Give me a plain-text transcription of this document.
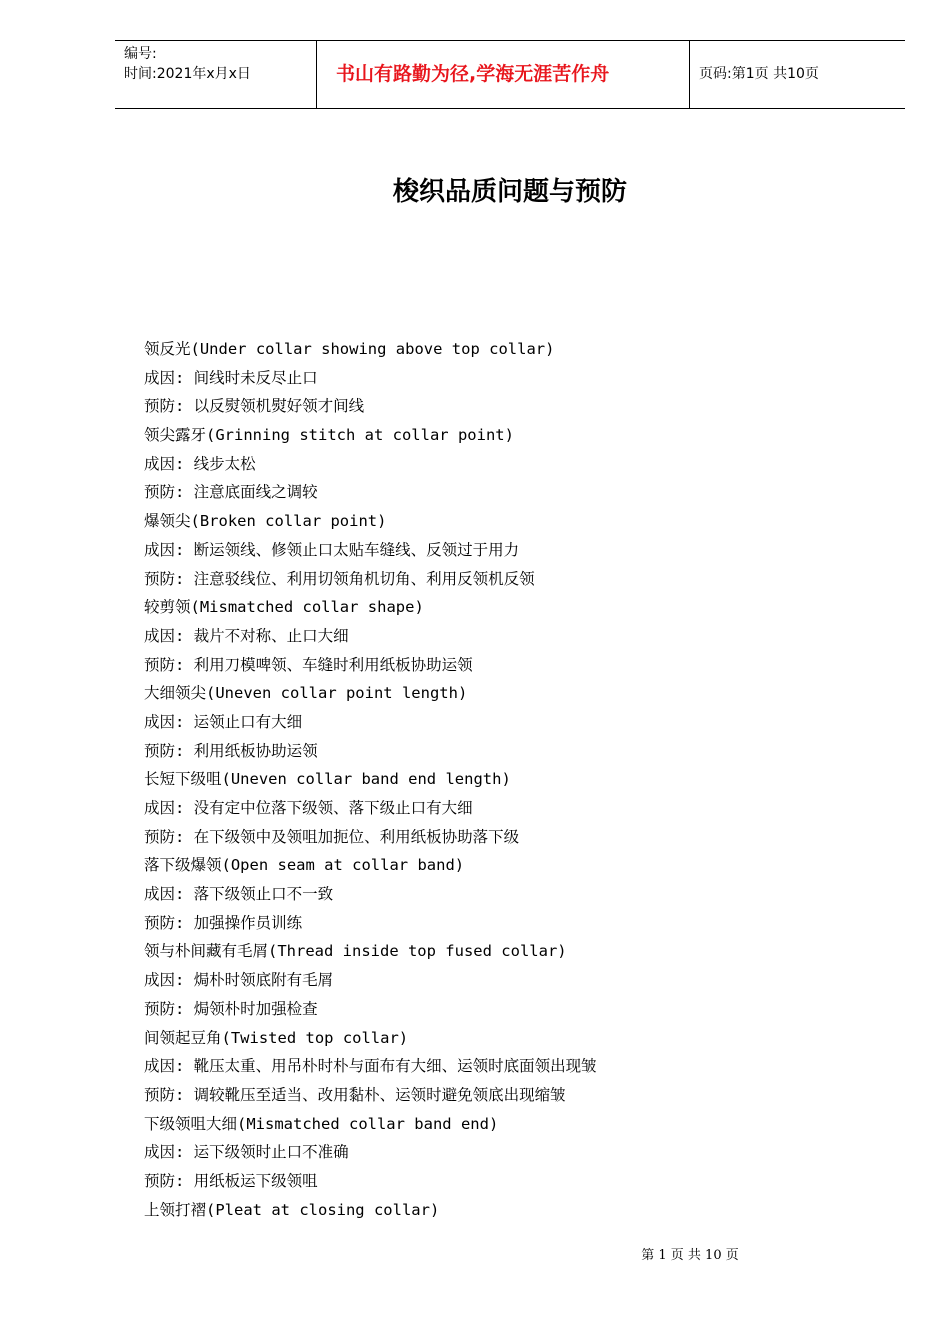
编号:
时间:2021年x月x日	书山有路勤为径,学海无涯苦作舟	页码:第1页 共10页
梭织品质问题与预防
领反光(Under collar showing above top collar)
成因: 间线时未反尽止口
预防: 以反熨领机熨好领才间线
领尖露牙(Grinning stitch at collar point)
成因: 线步太松
预防: 注意底面线之调较
爆领尖(Broken collar point)
成因: 断运领线、修领止口太贴车缝线、反领过于用力
预防: 注意驳线位、利用切领角机切角、利用反领机反领
较剪领(Mismatched collar shape)
成因: 裁片不对称、止口大细
预防: 利用刀模啤领、车缝时利用纸板协助运领
大细领尖(Uneven collar point length)
成因: 运领止口有大细
预防: 利用纸板协助运领
长短下级咀(Uneven collar band end length)
成因: 没有定中位落下级领、落下级止口有大细
预防: 在下级领中及领咀加扼位、利用纸板协助落下级
落下级爆领(Open seam at collar band)
成因: 落下级领止口不一致
预防: 加强操作员训练
领与朴间藏有毛屑(Thread inside top fused collar)
成因: 焗朴时领底附有毛屑
预防: 焗领朴时加强检查
间领起豆角(Twisted top collar)
成因: 靴压太重、用吊朴时朴与面布有大细、运领时底面领出现皱
预防: 调较靴压至适当、改用黏朴、运领时避免领底出现缩皱
下级领咀大细(Mismatched collar band end)
成因: 运下级领时止口不准确
预防: 用纸板运下级领咀
上领打褶(Pleat at closing collar)
第 1 页 共 10 页
